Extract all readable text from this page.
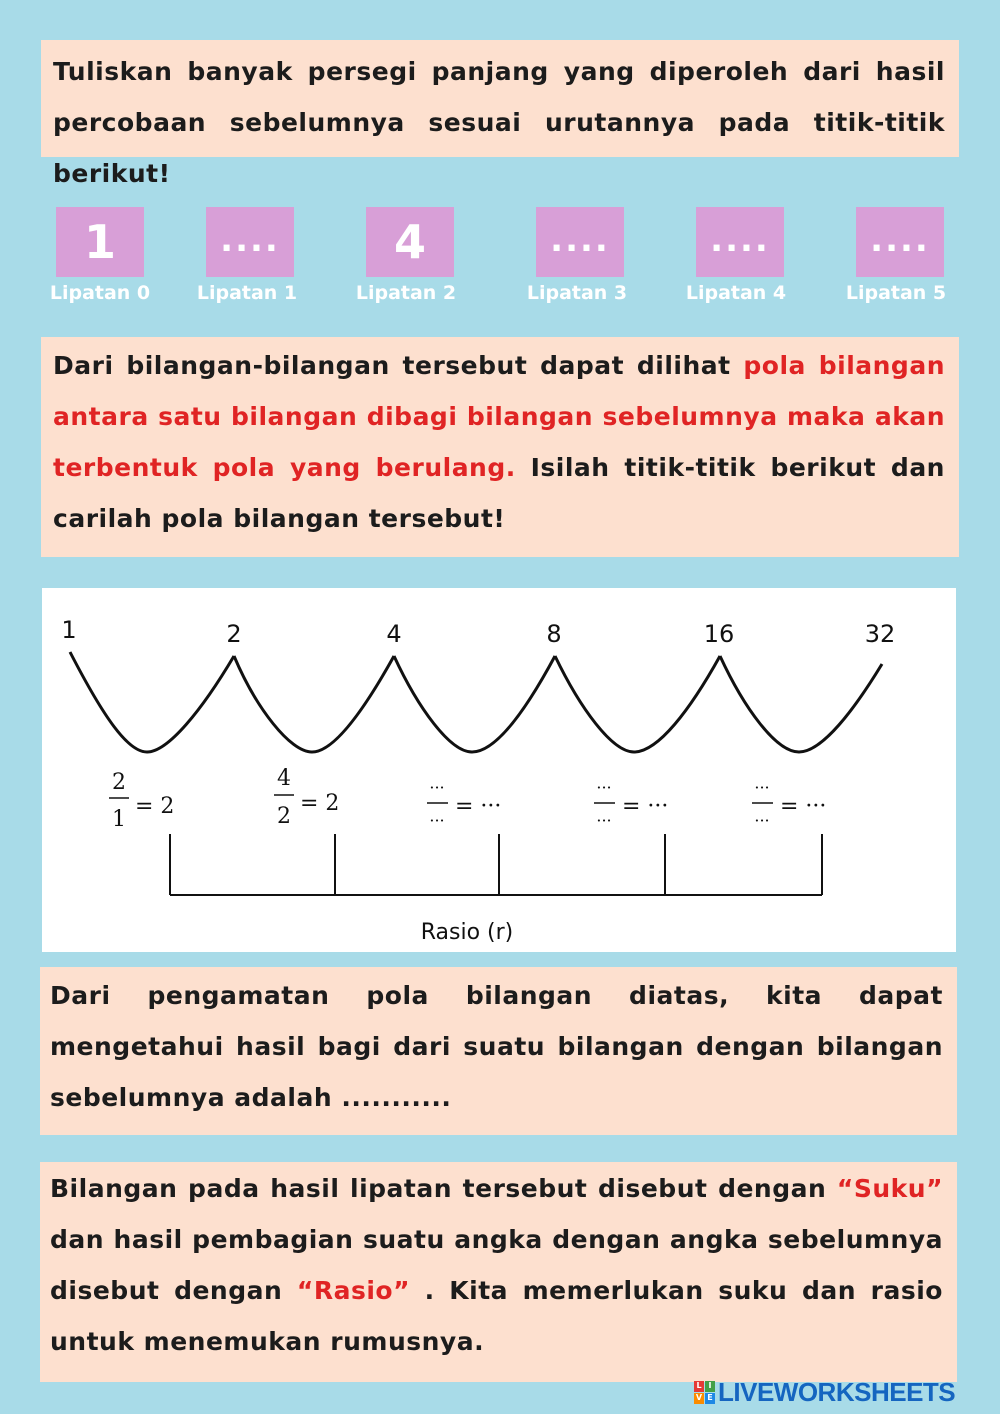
Tuliskan banyak persegi panjang yang diperoleh dari hasil percobaan sebelumnya sesuai urutannya pada titik-titik berikut!

1	....	4	....	....	....
Lipatan 0	Lipatan 1	Lipatan 2	Lipatan 3	Lipatan 4	Lipatan 5

Dari bilangan-bilangan tersebut dapat dilihat pola bilangan antara satu bilangan dibagi bilangan sebelumnya maka akan terbentuk pola yang berulang. Isilah titik-titik berikut dan carilah pola bilangan tersebut!

1	2	4	8	16	32
2
1
= 2
4
2
= 2
···
···
= ···
···
···
= ···
···
···
= ···
Rasio (r)

Dari pengamatan pola bilangan diatas, kita dapat mengetahui hasil bagi dari suatu bilangan dengan bilangan sebelumnya adalah ...........

Bilangan pada hasil lipatan tersebut disebut dengan “Suku” dan hasil pembagian suatu angka dengan angka sebelumnya disebut dengan “Rasio” . Kita memerlukan suku dan rasio untuk menemukan rumusnya.

L I
V E LIVEWORKSHEETS
